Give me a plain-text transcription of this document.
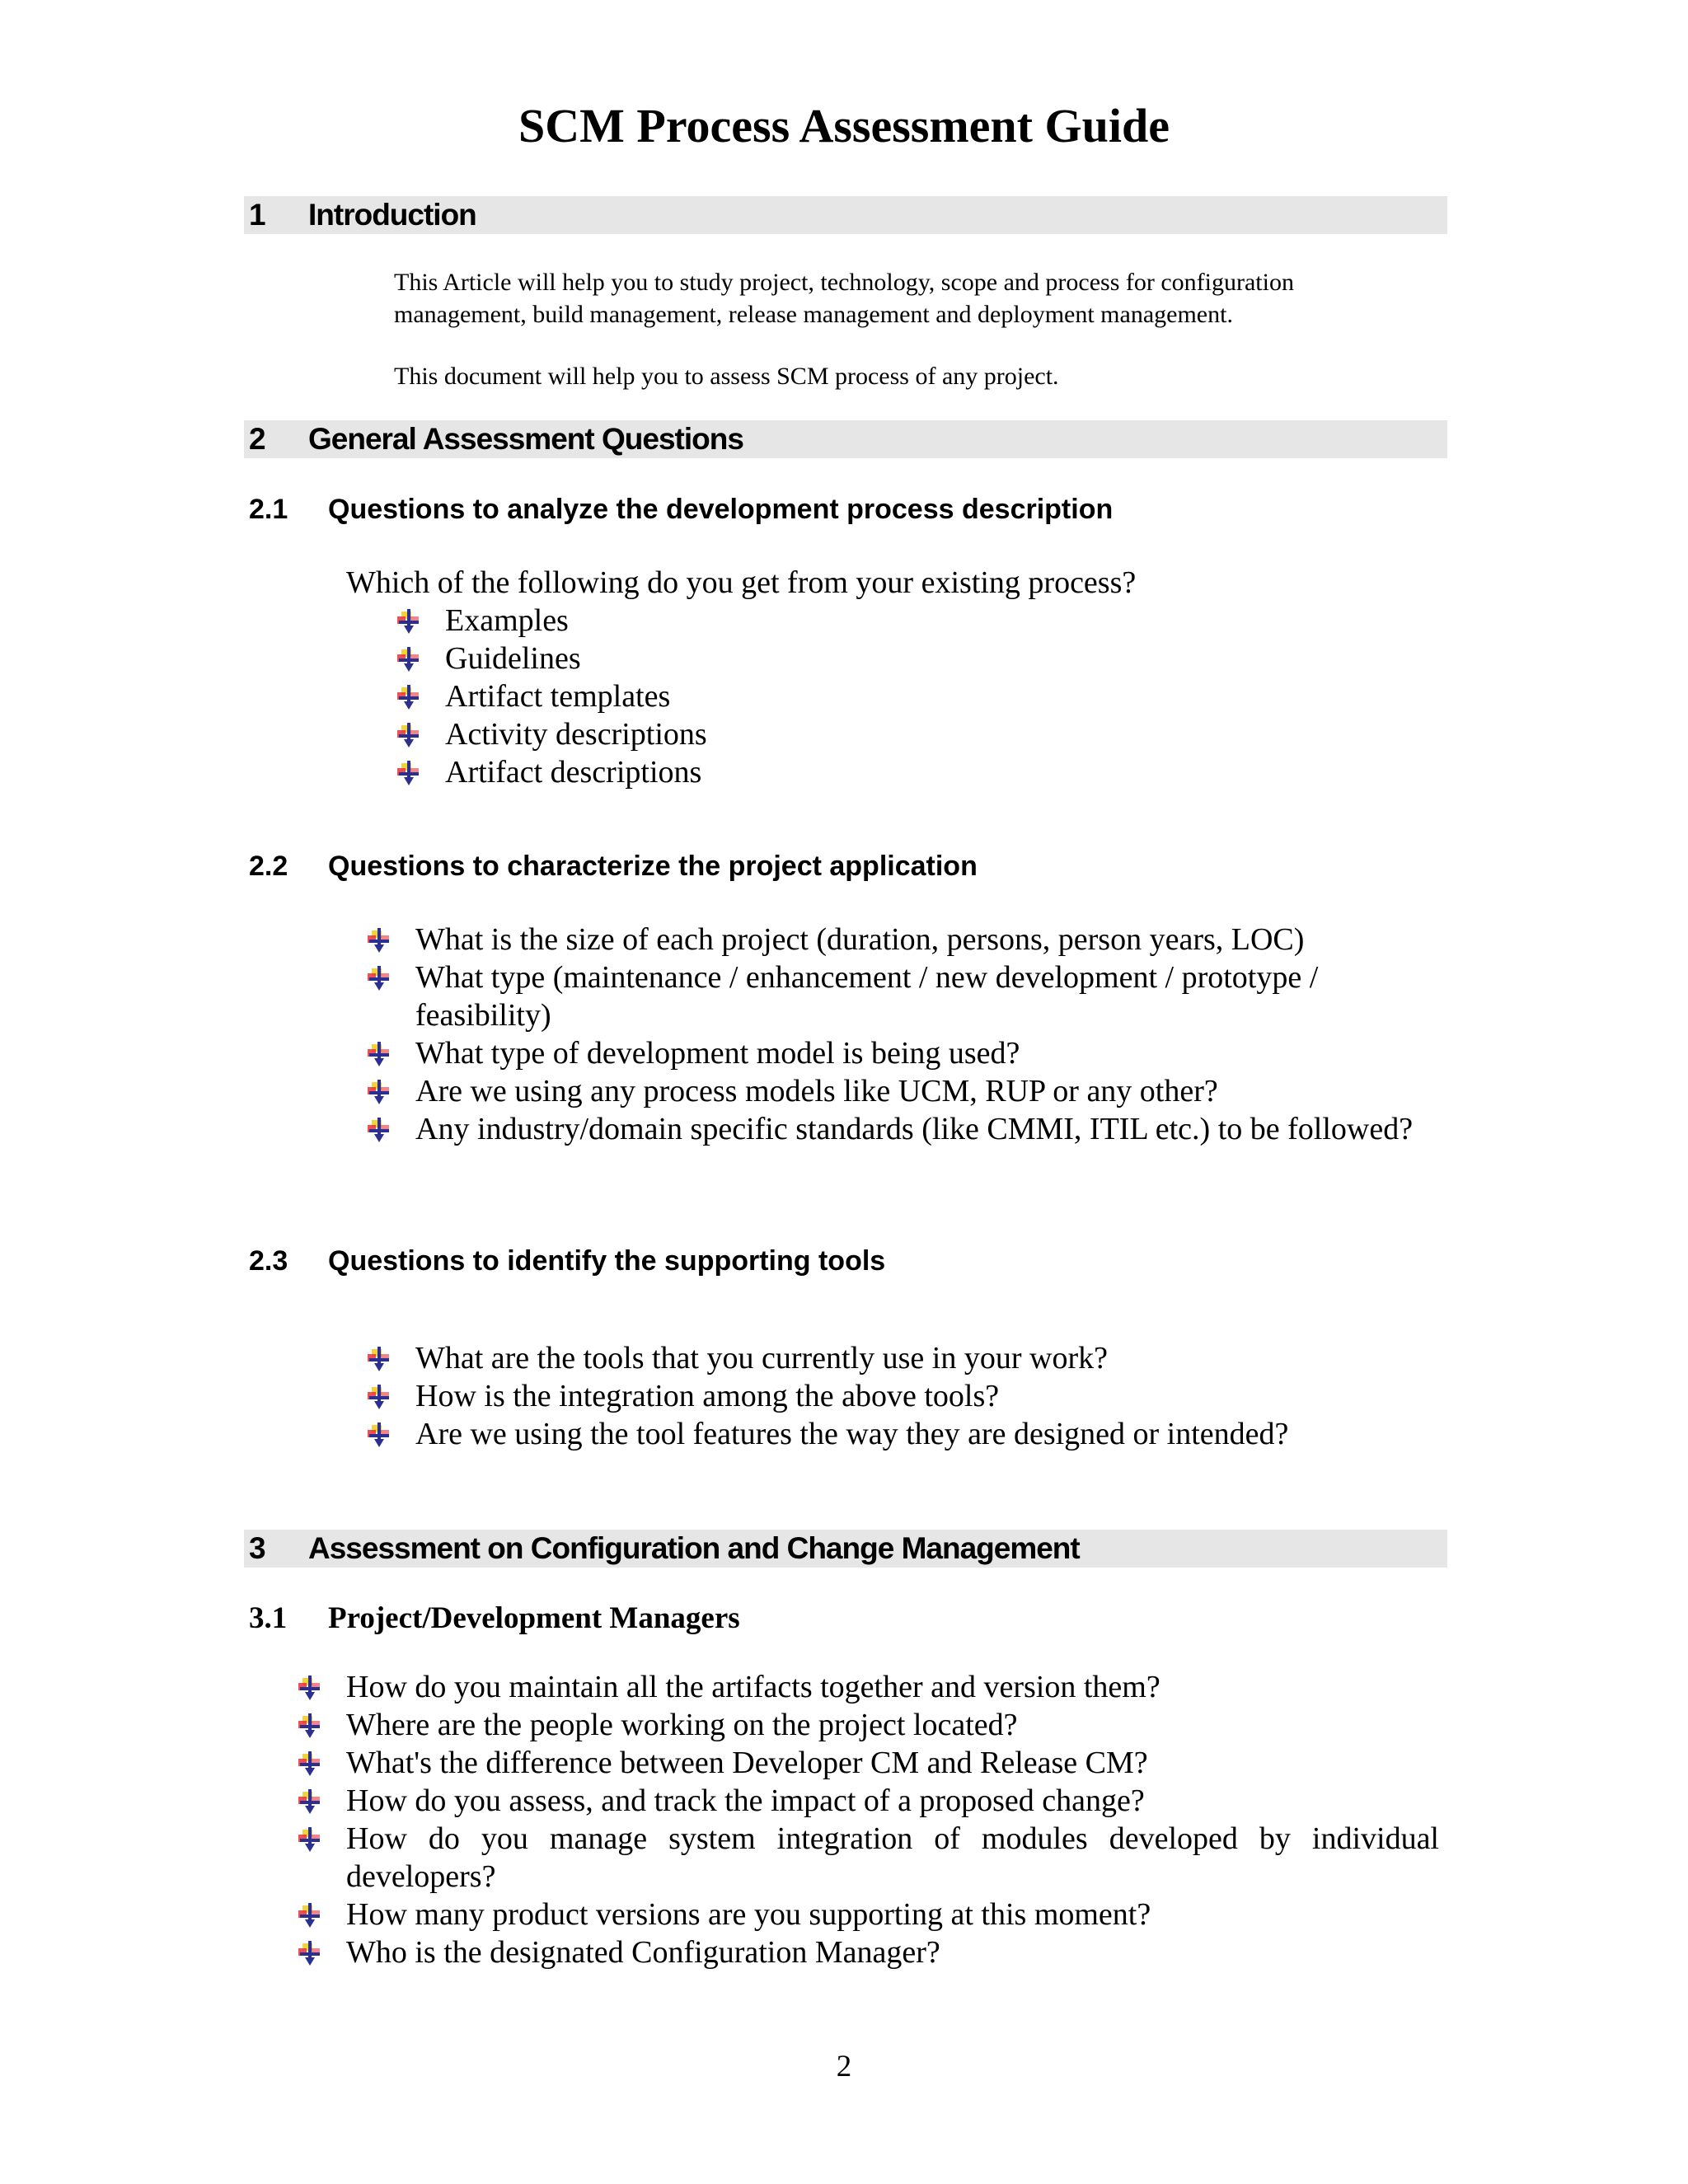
SCM Process Assessment Guide
1 Introduction
This Article will help you to study project, technology, scope and process for configuration management, build management, release management and deployment management.
This document will help you to assess SCM process of any project.
2 General Assessment Questions
2.1 Questions to analyze the development process description
Which of the following do you get from your existing process?
Examples
Guidelines
Artifact templates
Activity descriptions
Artifact descriptions
2.2 Questions to characterize the project application
What is the size of each project (duration, persons, person years, LOC)
What type (maintenance / enhancement / new development / prototype / feasibility)
What type of development model is being used?
Are we using any process models like UCM, RUP or any other?
Any industry/domain specific standards (like CMMI, ITIL etc.) to be followed?
2.3 Questions to identify the supporting tools
What are the tools that you currently use in your work?
How is the integration among the above tools?
Are we using the tool features the way they are designed or intended?
3 Assessment on Configuration and Change Management
3.1 Project/Development Managers
How do you maintain all the artifacts together and version them?
Where are the people working on the project located?
What's the difference between Developer CM and Release CM?
How do you assess, and track the impact of a proposed change?
How do you manage system integration of modules developed by individual developers?
How many product versions are you supporting at this moment?
Who is the designated Configuration Manager?
2
